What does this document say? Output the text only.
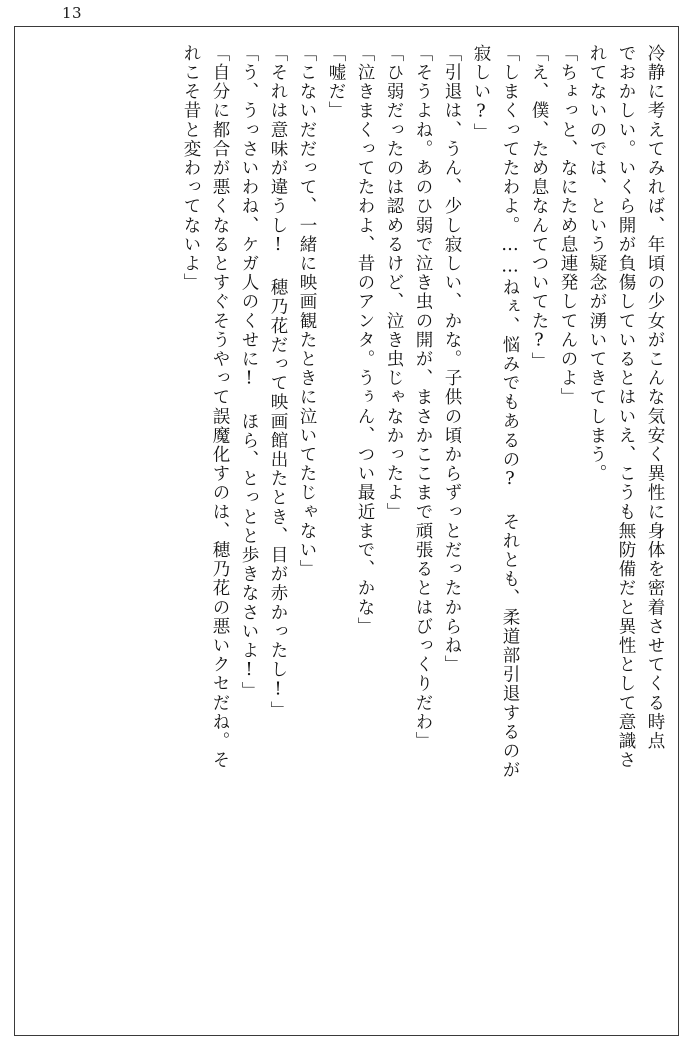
13
冷静に考えてみれば、年頃の少女がこんな気安く異性に身体を密着させてくる時点
でおかしい。いくら開が負傷しているとはいえ、こうも無防備だと異性として意識さ
れてないのでは、という疑念が湧いてきてしまう。
「ちょっと、なにため息連発してんのよ」
「え、僕、ため息なんてついてた?」
「しまくってたわよ。……ねぇ、悩みでもあるの? それとも、柔道部引退するのが
寂しい?」
「引退は、うん、少し寂しい、かな。子供の頃からずっとだったからね」
「そうよね。あのひ弱で泣き虫の開が、まさかここまで頑張るとはびっくりだわ」
「ひ弱だったのは認めるけど、泣き虫じゃなかったよ」
「泣きまくってたわよ、昔のアンタ。うぅん、つい最近まで、かな」
「嘘だ」
「こないだだって、一緒に映画観たときに泣いてたじゃない」
「それは意味が違うし! 穂乃花だって映画館出たとき、目が赤かったし!」
「う、うっさいわね、ケガ人のくせに! ほら、とっとと歩きなさいよ!」
「自分に都合が悪くなるとすぐそうやって誤魔化すのは、穂乃花の悪いクセだね。そ
れこそ昔と変わってないよ」
